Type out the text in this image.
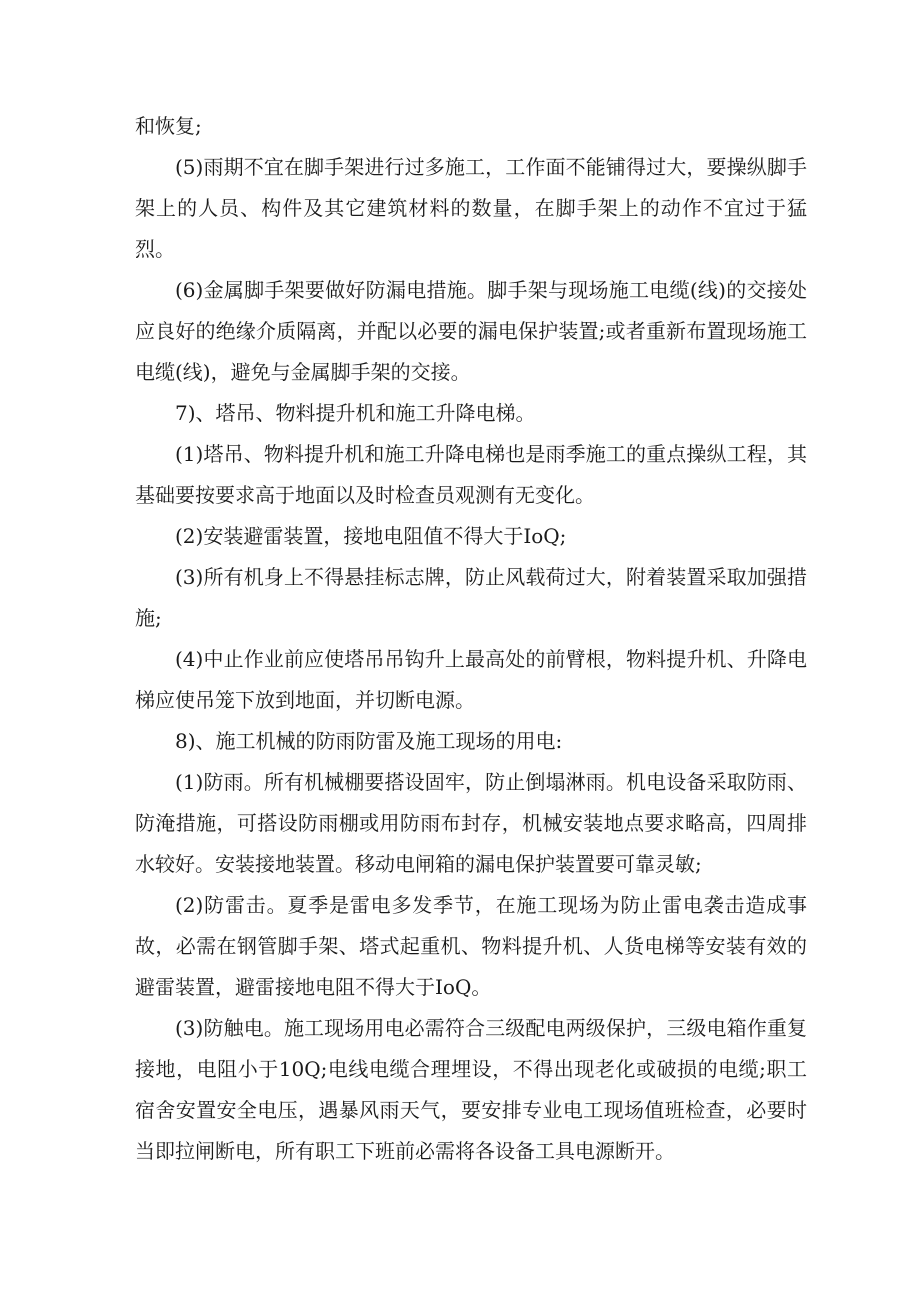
和恢复;

(5)雨期不宜在脚手架进行过多施工，工作面不能铺得过大，要操纵脚手架上的人员、构件及其它建筑材料的数量，在脚手架上的动作不宜过于猛烈。

(6)金属脚手架要做好防漏电措施。脚手架与现场施工电缆(线)的交接处应良好的绝缘介质隔离，并配以必要的漏电保护装置;或者重新布置现场施工电缆(线)，避免与金属脚手架的交接。

7)、塔吊、物料提升机和施工升降电梯。

(1)塔吊、物料提升机和施工升降电梯也是雨季施工的重点操纵工程，其基础要按要求高于地面以及时检查员观测有无变化。

(2)安装避雷装置，接地电阻值不得大于IoQ;

(3)所有机身上不得悬挂标志牌，防止风载荷过大，附着装置采取加强措施;

(4)中止作业前应使塔吊吊钩升上最高处的前臂根，物料提升机、升降电梯应使吊笼下放到地面，并切断电源。

8)、施工机械的防雨防雷及施工现场的用电:

(1)防雨。所有机械棚要搭设固牢，防止倒塌淋雨。机电设备采取防雨、防淹措施，可搭设防雨棚或用防雨布封存，机械安装地点要求略高，四周排水较好。安装接地装置。移动电闸箱的漏电保护装置要可靠灵敏;

(2)防雷击。夏季是雷电多发季节，在施工现场为防止雷电袭击造成事故，必需在钢管脚手架、塔式起重机、物料提升机、人货电梯等安装有效的避雷装置，避雷接地电阻不得大于IoQ。

(3)防触电。施工现场用电必需符合三级配电两级保护，三级电箱作重复接地，电阻小于10Q;电线电缆合理埋设，不得出现老化或破损的电缆;职工宿舍安置安全电压，遇暴风雨天气，要安排专业电工现场值班检查，必要时当即拉闸断电，所有职工下班前必需将各设备工具电源断开。
